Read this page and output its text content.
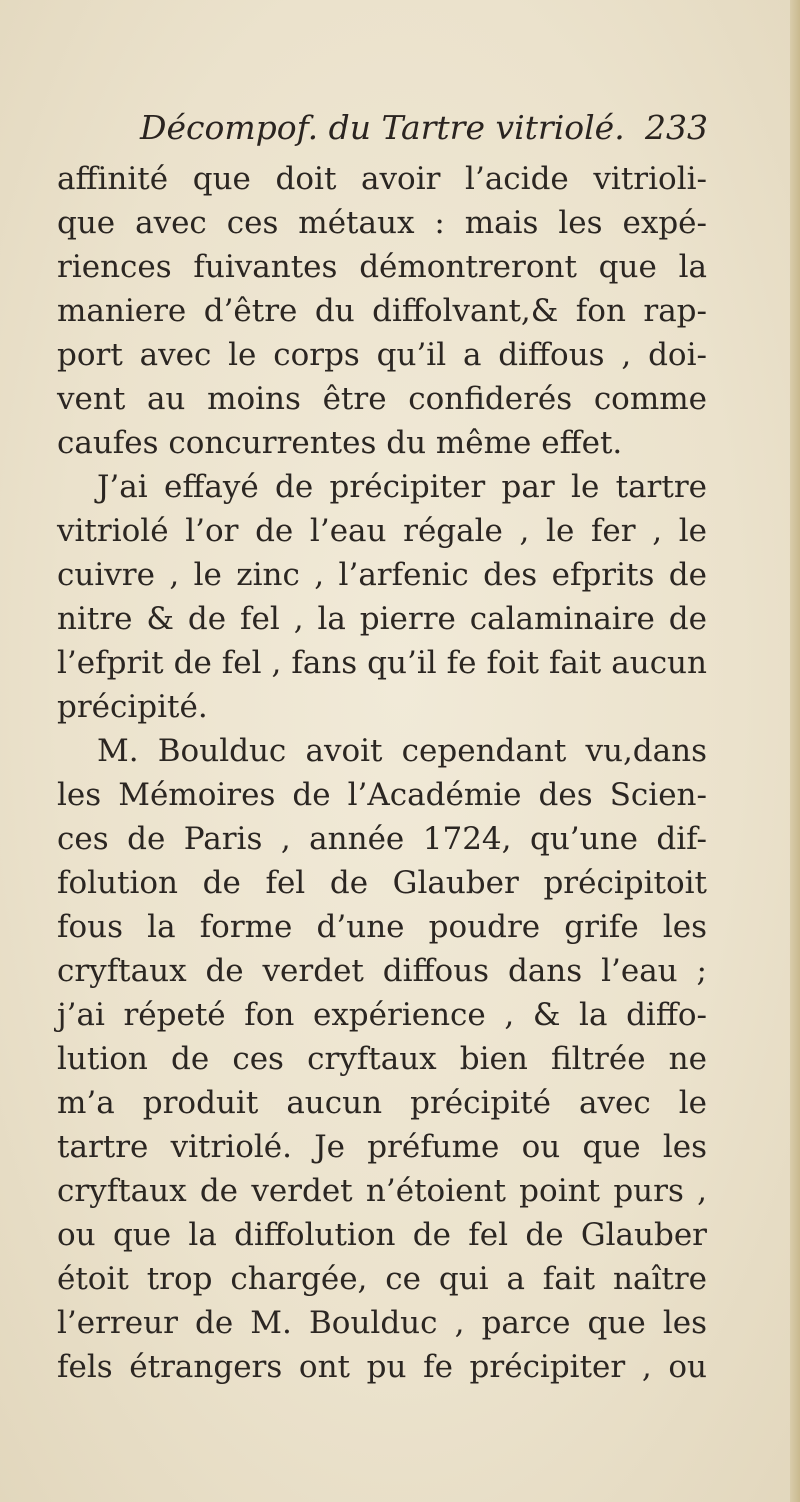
Décompof. du Tartre vitriolé. 233
affinité que doit avoir l’acide vitrioli-
que avec ces métaux : mais les expé-
riences fuivantes démontreront que la
maniere d’être du diffolvant,& fon rap-
port avec le corps qu’il a diffous , doi-
vent au moins être confiderés comme
caufes concurrentes du même effet.
J’ai effayé de précipiter par le tartre
vitriolé l’or de l’eau régale , le fer , le
cuivre , le zinc , l’arfenic des efprits de
nitre & de fel , la pierre calaminaire de
l’efprit de fel , fans qu’il fe foit fait aucun
précipité.
M. Boulduc avoit cependant vu,dans
les Mémoires de l’Académie des Scien-
ces de Paris , année 1724, qu’une dif-
folution de fel de Glauber précipitoit
fous la forme d’une poudre grife les
cryftaux de verdet diffous dans l’eau ;
j’ai répeté fon expérience , & la diffo-
lution de ces cryftaux bien filtrée ne
m’a produit aucun précipité avec le
tartre vitriolé. Je préfume ou que les
cryftaux de verdet n’étoient point purs ,
ou que la diffolution de fel de Glauber
étoit trop chargée, ce qui a fait naître
l’erreur de M. Boulduc , parce que les
fels étrangers ont pu fe précipiter , ou
